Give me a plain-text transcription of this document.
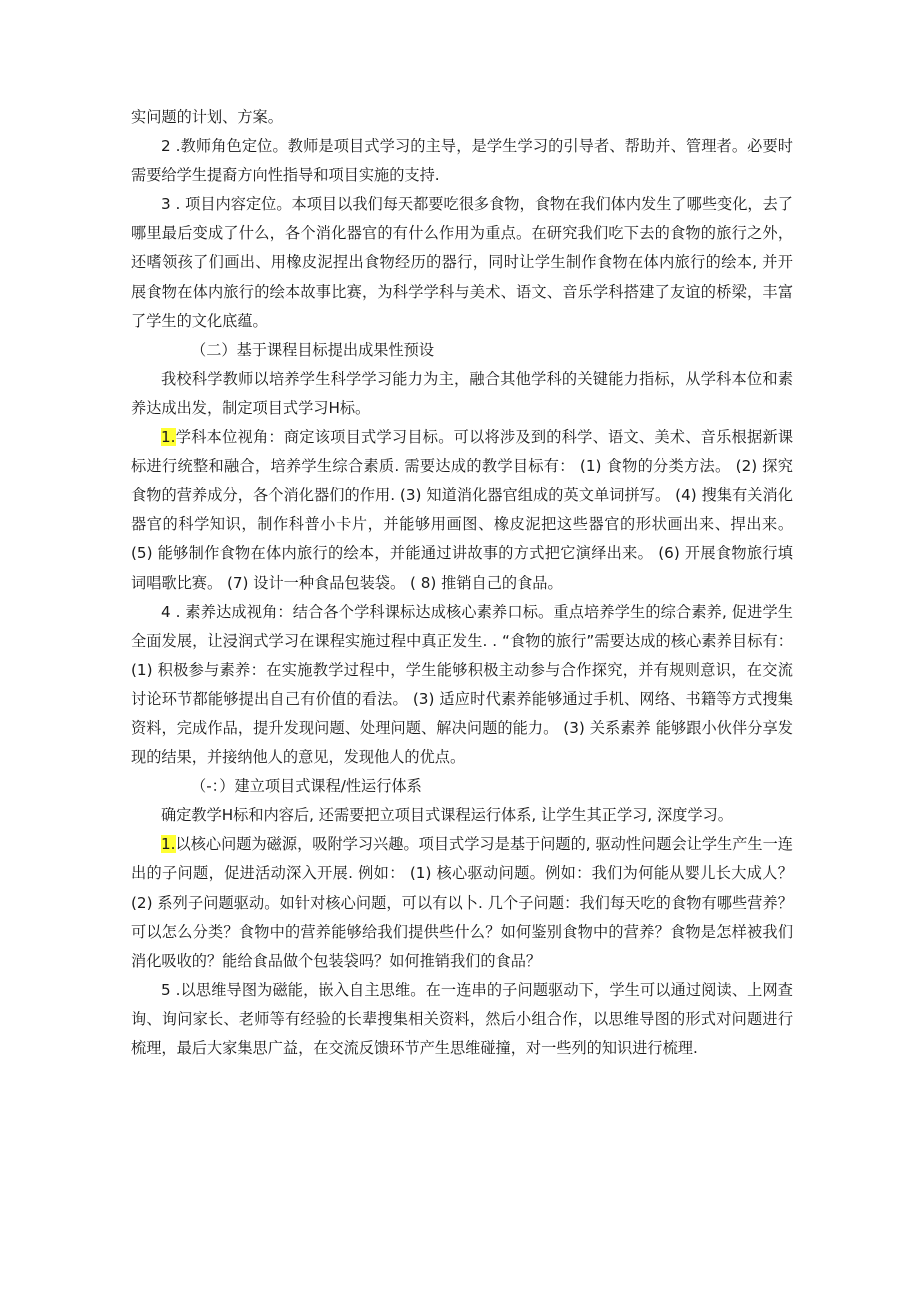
实问题的计划、方案。

2 .教师角色定位。教师是项目式学习的主导，是学生学习的引导者、帮助并、管理者。必要时需要给学生提裔方向性指导和项目实施的支持.

3 . 项目内容定位。本项目以我们每天都要吃很多食物，食物在我们体内发生了哪些变化，去了哪里最后变成了什么，各个消化器官的有什么作用为重点。在研究我们吃下去的食物的旅行之外，还嗜领孩了们画出、用橡皮泥捏出食物经历的器行，同时让学生制作食物在体内旅行的绘本, 并开展食物在体内旅行的绘本故事比赛，为科学学科与美术、语文、音乐学科搭建了友谊的桥梁，丰富了学生的文化底蕴。

（二）基于课程目标提出成果性预设

我校科学教师以培养学生科学学习能力为主，融合其他学科的关键能力指标，从学科本位和素养达成出发，制定项目式学习H标。

1.学科本位视角：商定该项目式学习目标。可以将涉及到的科学、语文、美术、音乐根据新课标进行统整和融合，培养学生综合素质. 需要达成的教学目标有： (1) 食物的分类方法。 (2) 探究食物的营养成分，各个消化器们的作用. (3) 知道消化器官组成的英文单词拼写。 (4) 搜集有关消化器官的科学知识，制作科普小卡片，并能够用画图、橡皮泥把这些器官的形状画出来、捍出来。 (5) 能够制作食物在体内旅行的绘本，并能通过讲故事的方式把它演绎出来。 (6) 开展食物旅行填词唱歌比赛。 (7) 设计一种食品包装袋。 ( 8) 推销自己的食品。

4 . 素养达成视角：结合各个学科课标达成核心素养口标。重点培养学生的综合素养, 促进学生全面发展，让浸润式学习在课程实施过程中真正发生. . “食物的旅行”需要达成的核心素养目标有： (1) 积极参与素养：在实施教学过程中，学生能够积极主动参与合作探究，并有规则意识，在交流讨论环节都能够提出自己有价值的看法。 (3) 适应时代素养能够通过手机、网络、书籍等方式搜集资料，完成作品，提升发现问题、处理问题、解决问题的能力。 (3) 关系素养 能够跟小伙伴分享发现的结果，并接纳他人的意见，发现他人的优点。

（-：）建立项目式课程/性运行体系

确定教学H标和内容后, 还需要把立项目式课程运行体系, 让学生其正学习, 深度学习。

1.以核心问题为磁源，吸附学习兴趣。项目式学习是基于问题的, 驱动性问题会让学生产生一连出的子问题，促进活动深入开展. 例如： (1) 核心驱动问题。例如：我们为何能从婴儿长大成人？ (2) 系列子问题驱动。如针对核心问题，可以有以卜. 几个子问题：我们每天吃的食物有哪些营养？可以怎么分类？食物中的营养能够给我们提供些什么？如何鉴别食物中的营养？食物是怎样被我们消化吸收的？能给食品做个包装袋吗？如何推销我们的食品？

5 .以思维导图为磁能，嵌入自主思维。在一连串的子问题驱动下，学生可以通过阅读、上网查询、询问家长、老师等有经验的长辈搜集相关资料，然后小组合作，以思维导图的形式对问题进行梳理，最后大家集思广益，在交流反馈环节产生思维碰撞，对一些列的知识进行梳理.
